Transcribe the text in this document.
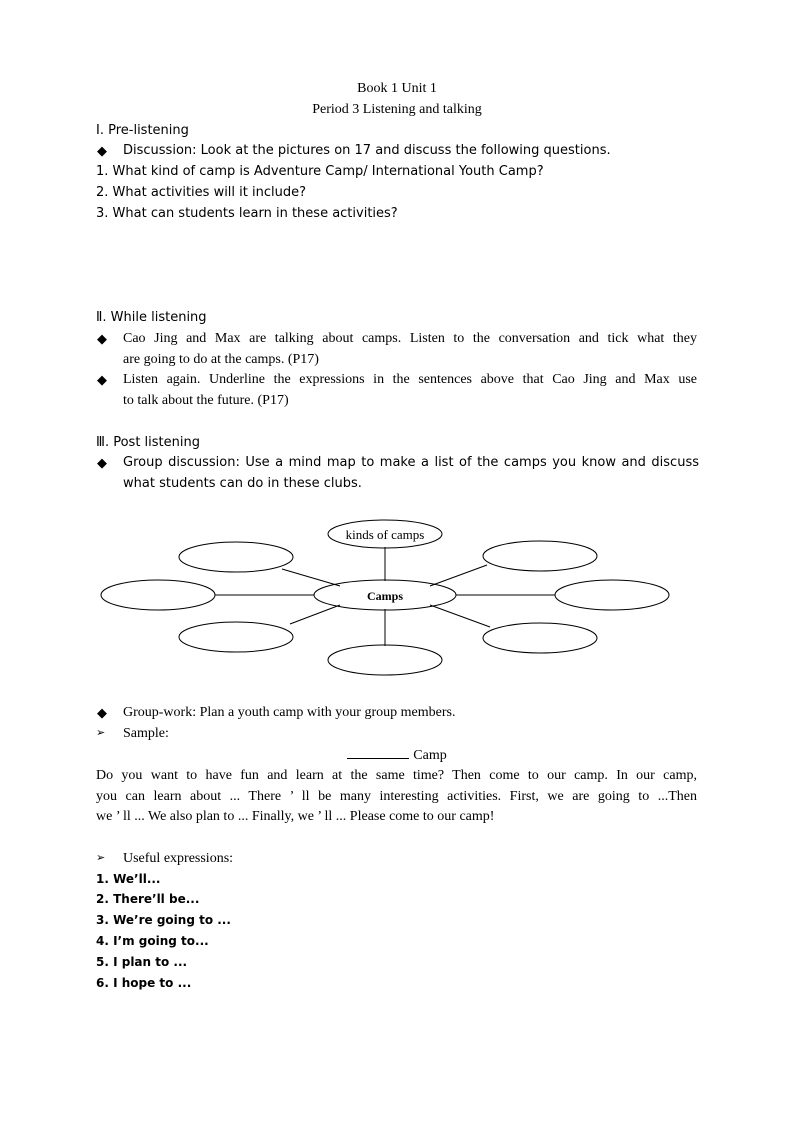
Book 1 Unit 1
Period 3 Listening and talking
Ⅰ. Pre-listening
◆ Discussion: Look at the pictures on 17 and discuss the following questions.
1. What kind of camp is Adventure Camp/ International Youth Camp?
2. What activities will it include?
3. What can students learn in these activities?
Ⅱ. While listening
◆ Cao Jing and Max are talking about camps. Listen to the conversation and tick what they
are going to do at the camps. (P17)
◆ Listen again. Underline the expressions in the sentences above that Cao Jing and Max use
to talk about the future. (P17)
Ⅲ. Post listening
◆ Group discussion: Use a mind map to make a list of the camps you know and discuss
what students can do in these clubs.
kinds of camps
Camps
◆ Group-work: Plan a youth camp with your group members.
➢ Sample:
Camp
Do you want to have fun and learn at the same time? Then come to our camp. In our camp,
you can learn about ... There ’ ll be many interesting activities. First, we are going to ...Then
we ’ ll ... We also plan to ... Finally, we ’ ll ... Please come to our camp!
➢ Useful expressions:
1. We’ll...
2. There’ll be...
3. We’re going to ...
4. I’m going to...
5. I plan to ...
6. I hope to ...
